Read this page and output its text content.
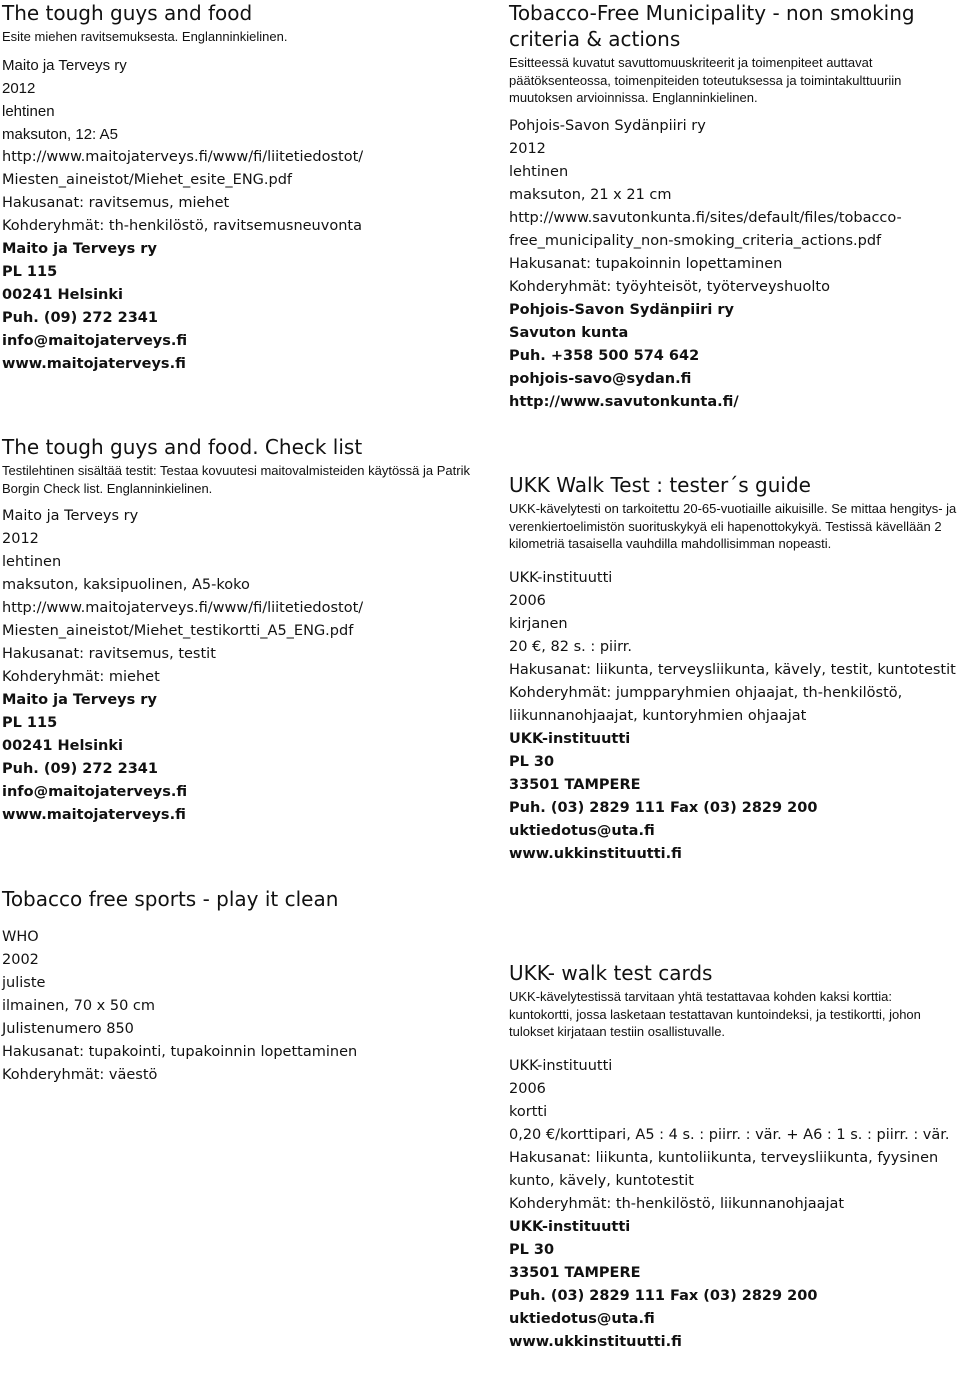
The tough guys and food

Esite miehen ravitsemuksesta. Englanninkielinen.

Maito ja Terveys ry

2012

lehtinen

maksuton, 12: A5

http://www.maitojaterveys.fi/www/fi/liitetiedostot/

Miesten_aineistot/Miehet_esite_ENG.pdf

Hakusanat: ravitsemus, miehet

Kohderyhmät: th-henkilöstö, ravitsemusneuvonta

Maito ja Terveys ry

PL 115

00241 Helsinki

Puh. (09) 272 2341

info@maitojaterveys.fi

www.maitojaterveys.fi

The tough guys and food. Check list

Testilehtinen sisältää testit: Testaa kovuutesi maitovalmisteiden käytössä ja Patrik Borgin Check list. Englanninkielinen.

Maito ja Terveys ry

2012

lehtinen

maksuton, kaksipuolinen, A5-koko

http://www.maitojaterveys.fi/www/fi/liitetiedostot/

Miesten_aineistot/Miehet_testikortti_A5_ENG.pdf

Hakusanat: ravitsemus, testit

Kohderyhmät: miehet

Maito ja Terveys ry

PL 115

00241 Helsinki

Puh. (09) 272 2341

info@maitojaterveys.fi

www.maitojaterveys.fi

Tobacco free sports - play it clean

WHO

2002

juliste

ilmainen, 70 x 50 cm

Julistenumero 850

Hakusanat: tupakointi, tupakoinnin lopettaminen

Kohderyhmät: väestö

Tobacco-Free Municipality - non smoking criteria & actions

Esitteessä kuvatut savuttomuuskriteerit ja toimenpiteet auttavat päätöksenteossa, toimenpiteiden toteutuksessa ja toimintakulttuuriin muutoksen arvioinnissa. Englanninkielinen.

Pohjois-Savon Sydänpiiri ry

2012

lehtinen

maksuton, 21 x 21 cm

http://www.savutonkunta.fi/sites/default/files/tobacco-

free_municipality_non-smoking_criteria_actions.pdf

Hakusanat: tupakoinnin lopettaminen

Kohderyhmät: työyhteisöt, työterveyshuolto

Pohjois-Savon Sydänpiiri ry

Savuton kunta

Puh. +358 500 574 642

pohjois-savo@sydan.fi

http://www.savutonkunta.fi/

UKK Walk Test : tester´s guide

UKK-kävelytesti on tarkoitettu 20-65-vuotiaille aikuisille. Se mittaa hengitys- ja verenkiertoelimistön suorituskykyä eli hapenottokykyä. Testissä kävellään 2 kilometriä tasaisella vauhdilla mahdollisimman nopeasti.

UKK-instituutti

2006

kirjanen

20 €, 82 s. : piirr.

Hakusanat: liikunta, terveysliikunta, kävely, testit, kuntotestit

Kohderyhmät: jumpparyhmien ohjaajat, th-henkilöstö, liikunnanohjaajat, kuntoryhmien ohjaajat

UKK-instituutti

PL 30

33501 TAMPERE

Puh. (03) 2829 111 Fax (03) 2829 200

uktiedotus@uta.fi

www.ukkinstituutti.fi

UKK- walk test cards

UKK-kävelytestissä tarvitaan yhtä testattavaa kohden kaksi korttia: kuntokortti, jossa lasketaan testattavan kuntoindeksi, ja testikortti, johon tulokset kirjataan testiin osallistuvalle.

UKK-instituutti

2006

kortti

0,20 €/korttipari, A5 : 4 s. : piirr. : vär. + A6 : 1 s. : piirr. : vär.

Hakusanat: liikunta, kuntoliikunta, terveysliikunta, fyysinen kunto, kävely, kuntotestit

Kohderyhmät: th-henkilöstö, liikunnanohjaajat

UKK-instituutti

PL 30

33501 TAMPERE

Puh. (03) 2829 111 Fax (03) 2829 200

uktiedotus@uta.fi

www.ukkinstituutti.fi
